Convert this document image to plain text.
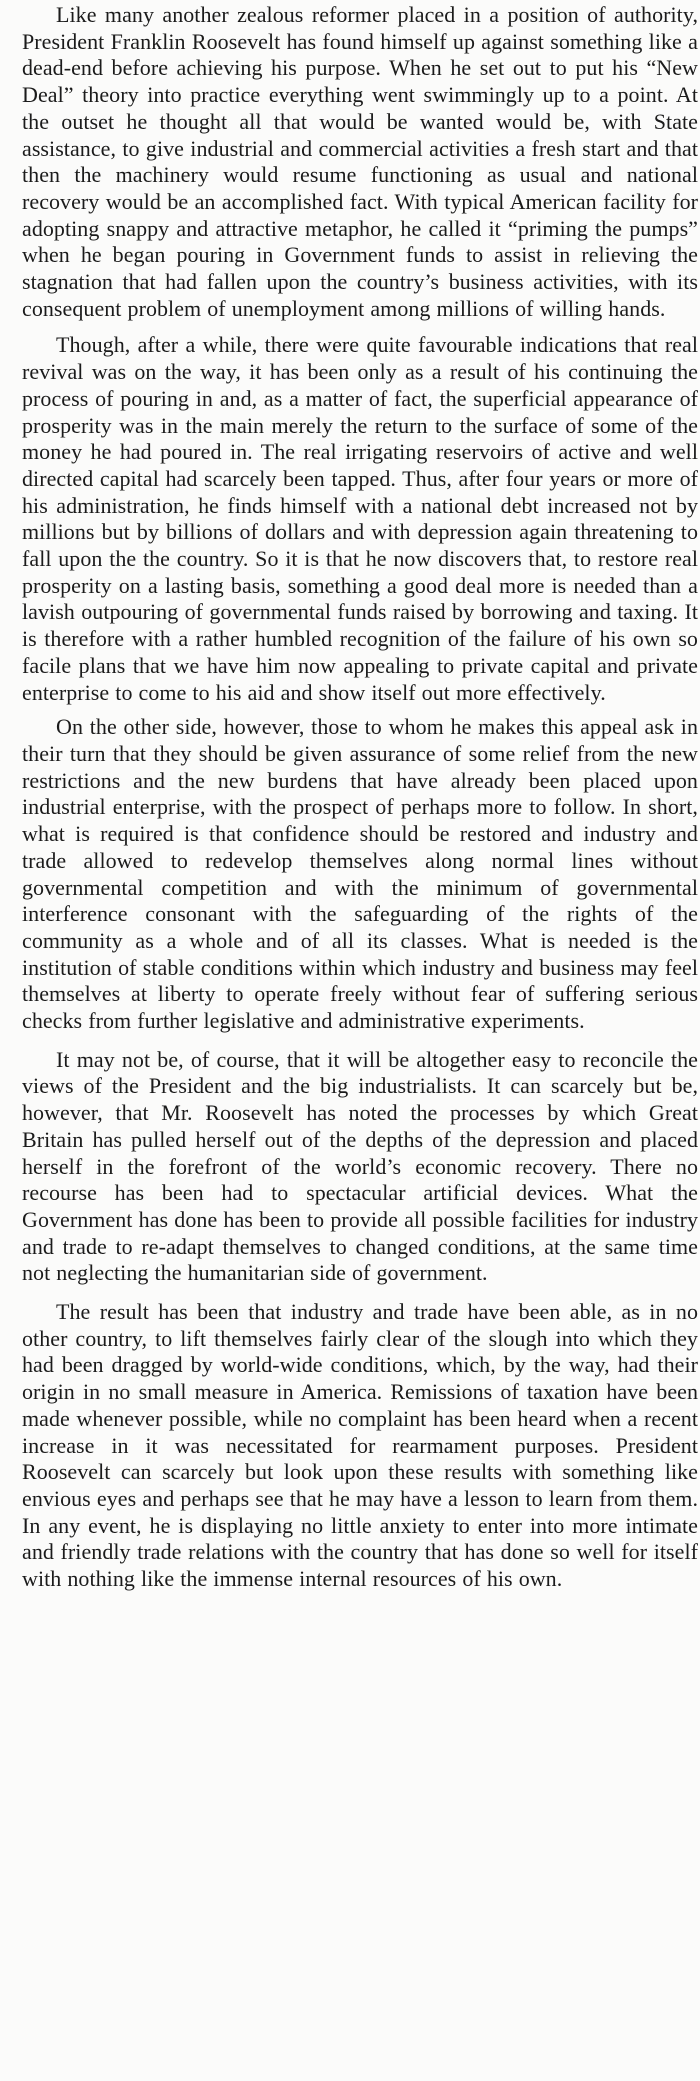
Like many another zealous reformer placed in a position of authority, President Franklin Roosevelt has found himself up against something like a dead-end before achieving his purpose. When he set out to put his “New Deal” theory into practice everything went swimmingly up to a point. At the outset he thought all that would be wanted would be, with State assistance, to give industrial and commercial activities a fresh start and that then the machinery would resume functioning as usual and national recovery would be an accomplished fact. With typical American facility for adopting snappy and attractive metaphor, he called it “priming the pumps” when he began pouring in Government funds to assist in relieving the stagnation that had fallen upon the country’s business activities, with its consequent problem of unemployment among millions of willing hands.

Though, after a while, there were quite favourable indications that real revival was on the way, it has been only as a result of his continuing the process of pouring in and, as a matter of fact, the superficial appearance of prosperity was in the main merely the return to the surface of some of the money he had poured in. The real irrigating reservoirs of active and well directed capital had scarcely been tapped. Thus, after four years or more of his administration, he finds himself with a national debt increased not by millions but by billions of dollars and with depression again threatening to fall upon the the country. So it is that he now discovers that, to restore real prosperity on a lasting basis, something a good deal more is needed than a lavish outpouring of governmental funds raised by borrowing and taxing. It is therefore with a rather humbled recognition of the failure of his own so facile plans that we have him now appealing to private capital and private enterprise to come to his aid and show itself out more effectively.

On the other side, however, those to whom he makes this appeal ask in their turn that they should be given assurance of some relief from the new restrictions and the new burdens that have already been placed upon industrial enterprise, with the prospect of perhaps more to follow. In short, what is required is that confidence should be restored and industry and trade allowed to redevelop themselves along normal lines without governmental competition and with the minimum of governmental interference consonant with the safeguarding of the rights of the community as a whole and of all its classes. What is needed is the institution of stable conditions within which industry and business may feel themselves at liberty to operate freely without fear of suffering serious checks from further legislative and administrative experiments.

It may not be, of course, that it will be altogether easy to reconcile the views of the President and the big industrialists. It can scarcely but be, however, that Mr. Roosevelt has noted the processes by which Great Britain has pulled herself out of the depths of the depression and placed herself in the forefront of the world’s economic recovery. There no recourse has been had to spectacular artificial devices. What the Government has done has been to provide all possible facilities for industry and trade to re-adapt themselves to changed conditions, at the same time not neglecting the humanitarian side of government.

The result has been that industry and trade have been able, as in no other country, to lift themselves fairly clear of the slough into which they had been dragged by world-wide conditions, which, by the way, had their origin in no small measure in America. Remissions of taxation have been made whenever possible, while no complaint has been heard when a recent increase in it was necessitated for rearmament purposes. President Roosevelt can scarcely but look upon these results with something like envious eyes and perhaps see that he may have a lesson to learn from them. In any event, he is displaying no little anxiety to enter into more intimate and friendly trade relations with the country that has done so well for itself with nothing like the immense internal resources of his own.
